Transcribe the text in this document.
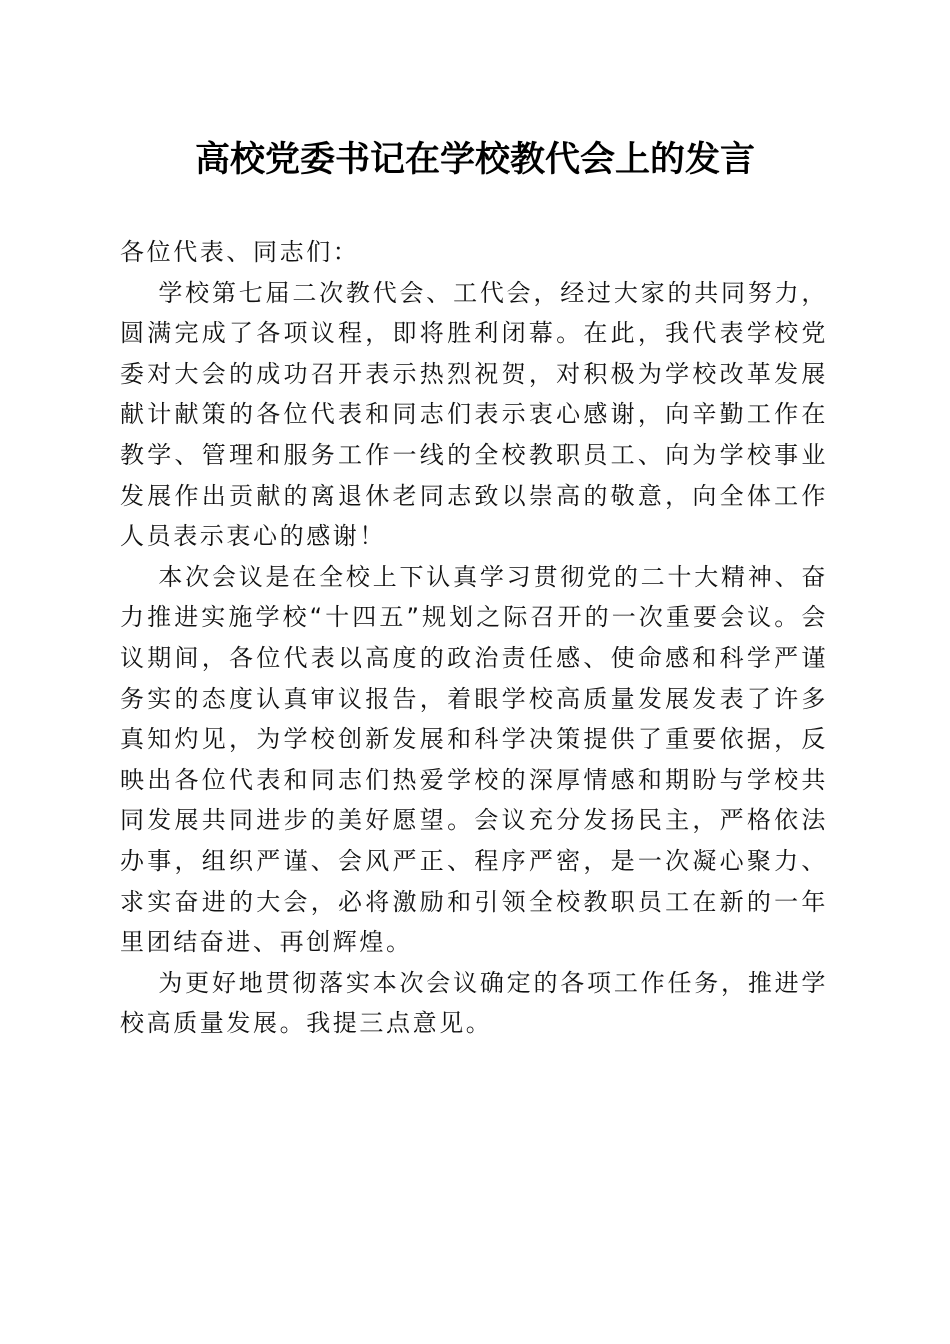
高校党委书记在学校教代会上的发言

各位代表、同志们：

学校第七届二次教代会、工代会，经过大家的共同努力，圆满完成了各项议程，即将胜利闭幕。在此，我代表学校党委对大会的成功召开表示热烈祝贺，对积极为学校改革发展献计献策的各位代表和同志们表示衷心感谢，向辛勤工作在教学、管理和服务工作一线的全校教职员工、向为学校事业发展作出贡献的离退休老同志致以崇高的敬意，向全体工作人员表示衷心的感谢！

本次会议是在全校上下认真学习贯彻党的二十大精神、奋力推进实施学校“十四五”规划之际召开的一次重要会议。会议期间，各位代表以高度的政治责任感、使命感和科学严谨务实的态度认真审议报告，着眼学校高质量发展发表了许多真知灼见，为学校创新发展和科学决策提供了重要依据，反映出各位代表和同志们热爱学校的深厚情感和期盼与学校共同发展共同进步的美好愿望。会议充分发扬民主，严格依法办事，组织严谨、会风严正、程序严密，是一次凝心聚力、求实奋进的大会，必将激励和引领全校教职员工在新的一年里团结奋进、再创辉煌。

为更好地贯彻落实本次会议确定的各项工作任务，推进学校高质量发展。我提三点意见。
